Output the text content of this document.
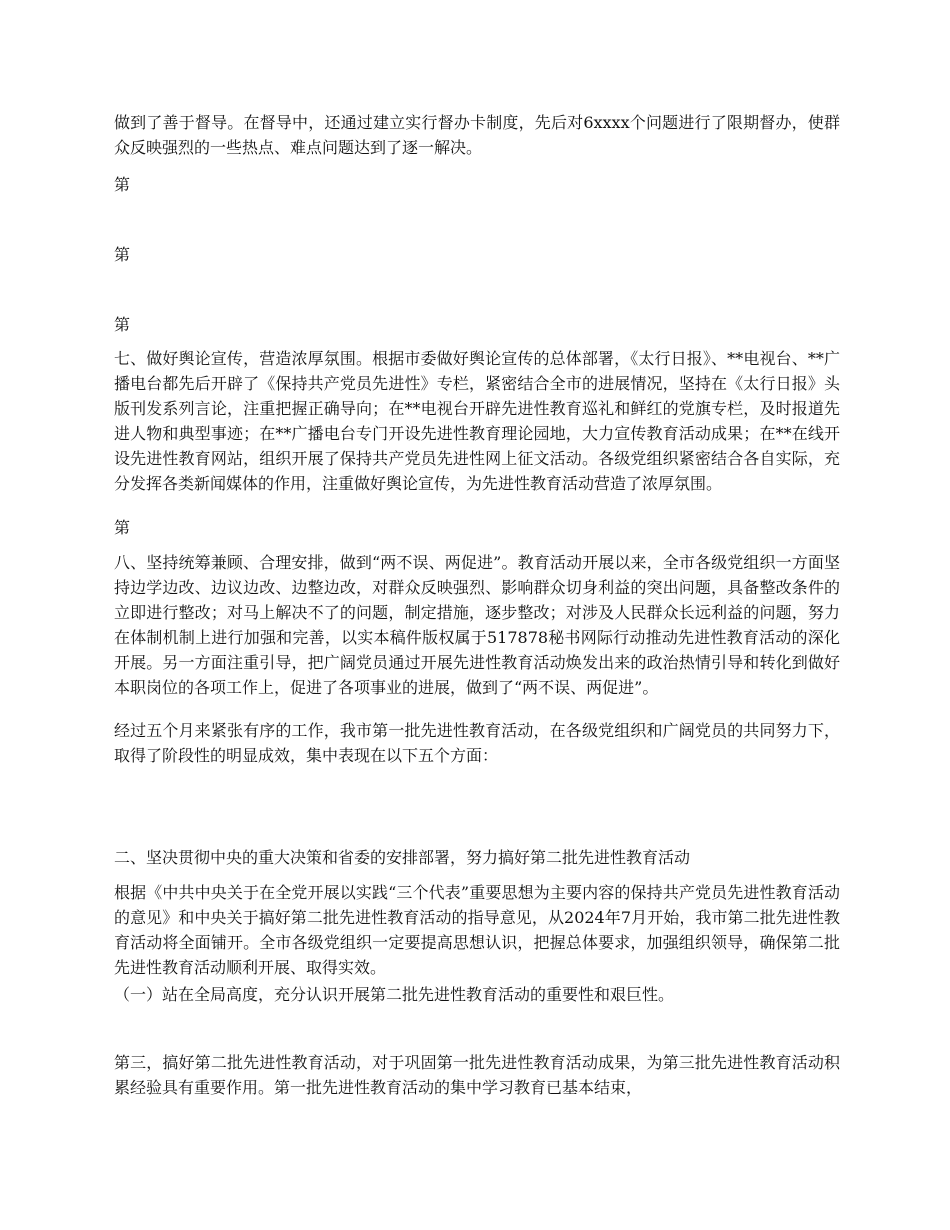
做到了善于督导。在督导中，还通过建立实行督办卡制度，先后对6xxxx个问题进行了限期督办，使群众反映强烈的一些热点、难点问题达到了逐一解决。

第

第

第

七、做好舆论宣传，营造浓厚氛围。根据市委做好舆论宣传的总体部署，《太行日报》、**电视台、**广播电台都先后开辟了《保持共产党员先进性》专栏，紧密结合全市的进展情况，坚持在《太行日报》头版刊发系列言论，注重把握正确导向；在**电视台开辟先进性教育巡礼和鲜红的党旗专栏，及时报道先进人物和典型事迹；在**广播电台专门开设先进性教育理论园地，大力宣传教育活动成果；在**在线开设先进性教育网站，组织开展了保持共产党员先进性网上征文活动。各级党组织紧密结合各自实际，充分发挥各类新闻媒体的作用，注重做好舆论宣传，为先进性教育活动营造了浓厚氛围。

第

八、坚持统筹兼顾、合理安排，做到“两不误、两促进”。教育活动开展以来，全市各级党组织一方面坚持边学边改、边议边改、边整边改，对群众反映强烈、影响群众切身利益的突出问题，具备整改条件的立即进行整改；对马上解决不了的问题，制定措施，逐步整改；对涉及人民群众长远利益的问题，努力在体制机制上进行加强和完善，以实本稿件版权属于517878秘书网际行动推动先进性教育活动的深化开展。另一方面注重引导，把广阔党员通过开展先进性教育活动焕发出来的政治热情引导和转化到做好本职岗位的各项工作上，促进了各项事业的进展，做到了“两不误、两促进”。

经过五个月来紧张有序的工作，我市第一批先进性教育活动，在各级党组织和广阔党员的共同努力下，取得了阶段性的明显成效，集中表现在以下五个方面：

二、坚决贯彻中央的重大决策和省委的安排部署，努力搞好第二批先进性教育活动

根据《中共中央关于在全党开展以实践“三个代表”重要思想为主要内容的保持共产党员先进性教育活动的意见》和中央关于搞好第二批先进性教育活动的指导意见，从2024年7月开始，我市第二批先进性教育活动将全面铺开。全市各级党组织一定要提高思想认识，把握总体要求，加强组织领导，确保第二批先进性教育活动顺利开展、取得实效。

（一）站在全局高度，充分认识开展第二批先进性教育活动的重要性和艰巨性。

第三，搞好第二批先进性教育活动，对于巩固第一批先进性教育活动成果，为第三批先进性教育活动积累经验具有重要作用。第一批先进性教育活动的集中学习教育已基本结束，
